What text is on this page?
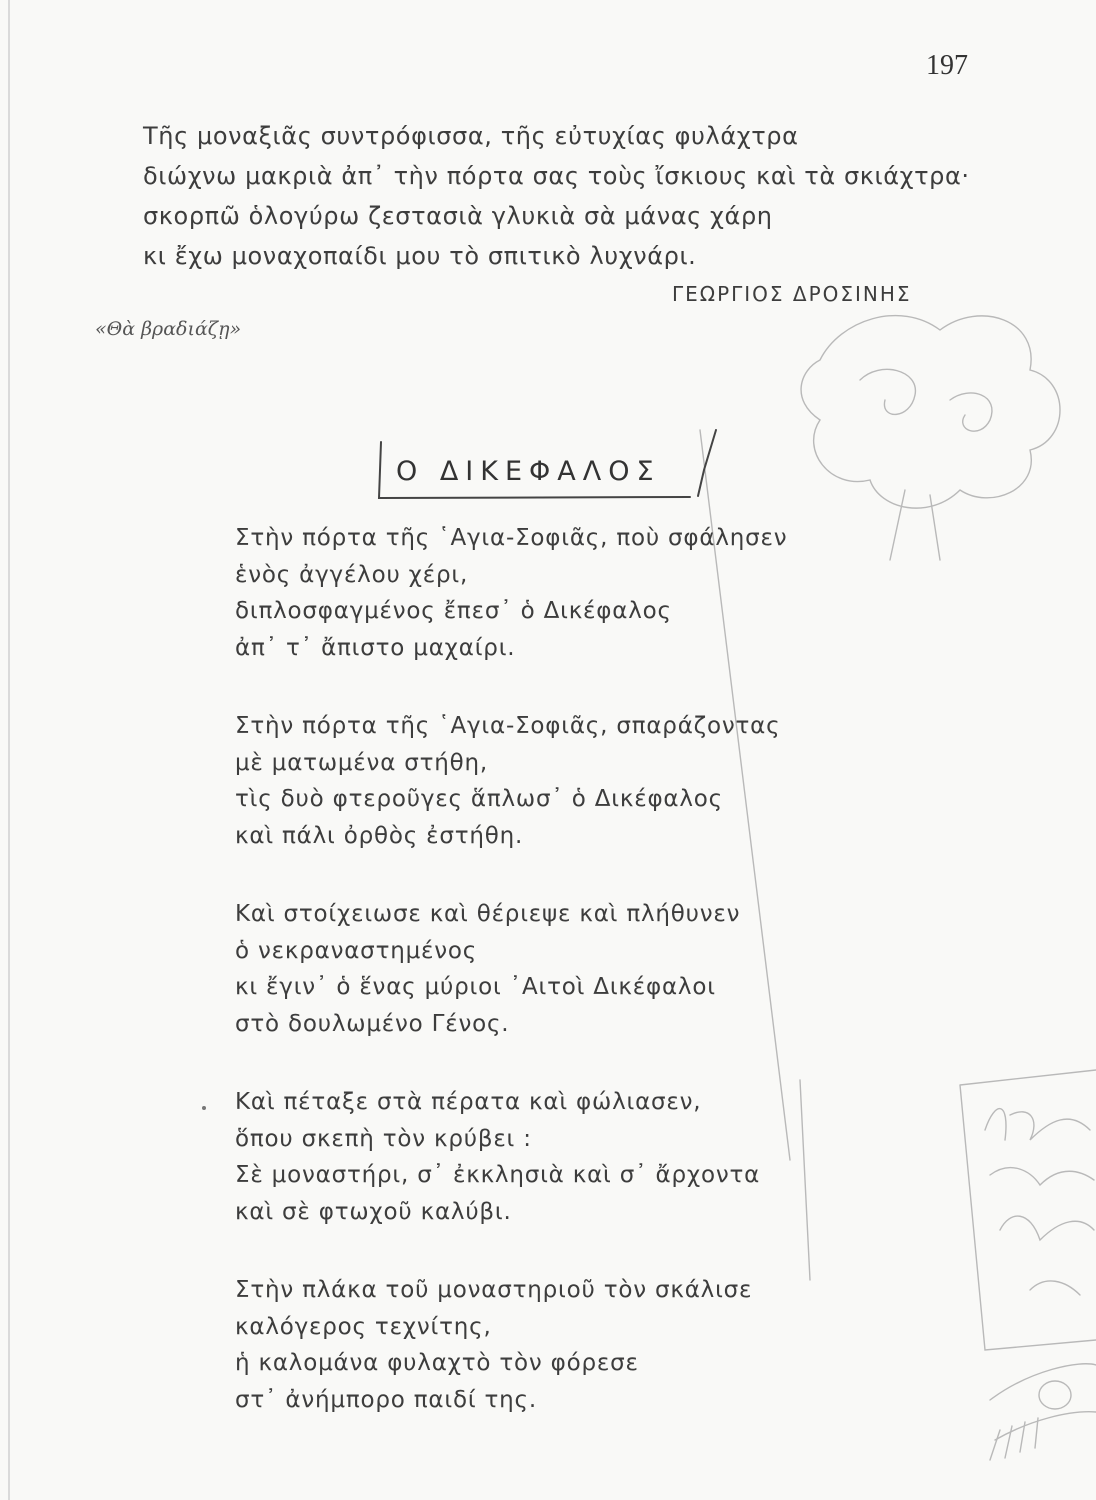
197
Τῆς μοναξιᾶς συντρόφισσα, τῆς εὐτυχίας φυλάχτρα
διώχνω μακριὰ ἀπ᾽ τὴν πόρτα σας τοὺς ἴσκιους καὶ τὰ σκιάχτρα·
σκορπῶ ὁλογύρω ζεστασιὰ γλυκιὰ σὰ μάνας χάρη
κι ἔχω μοναχοπαίδι μου τὸ σπιτικὸ λυχνάρι.
ΓΕΩΡΓΙΟΣ ΔΡΟΣΙΝΗΣ
«Θὰ βραδιάζῃ»
Ο ΔΙΚΕΦΑΛΟΣ
Στὴν πόρτα τῆς ῾Αγια-Σοφιᾶς, ποὺ σφάλησεν
ἑνὸς ἀγγέλου χέρι,
διπλοσφαγμένος ἔπεσ᾽ ὁ Δικέφαλος
ἀπ᾽ τ᾽ ἄπιστο μαχαίρι.
Στὴν πόρτα τῆς ῾Αγια-Σοφιᾶς, σπαράζοντας
μὲ ματωμένα στήθη,
τὶς δυὸ φτεροῦγες ἅπλωσ᾽ ὁ Δικέφαλος
καὶ πάλι ὀρθὸς ἐστήθη.
Καὶ στοίχειωσε καὶ θέριεψε καὶ πλήθυνεν
ὁ νεκραναστημένος
κι ἔγιν᾽ ὁ ἕνας μύριοι ᾽Αιτοὶ Δικέφαλοι
στὸ δουλωμένο Γένος.
Καὶ πέταξε στὰ πέρατα καὶ φώλιασεν,
ὅπου σκεπὴ τὸν κρύβει :
Σὲ μοναστήρι, σ᾽ ἐκκλησιὰ καὶ σ᾽ ἄρχοντα
καὶ σὲ φτωχοῦ καλύβι.
Στὴν πλάκα τοῦ μοναστηριοῦ τὸν σκάλισε
καλόγερος τεχνίτης,
ἡ καλομάνα φυλαχτὸ τὸν φόρεσε
στ᾽ ἀνήμπορο παιδί της.
